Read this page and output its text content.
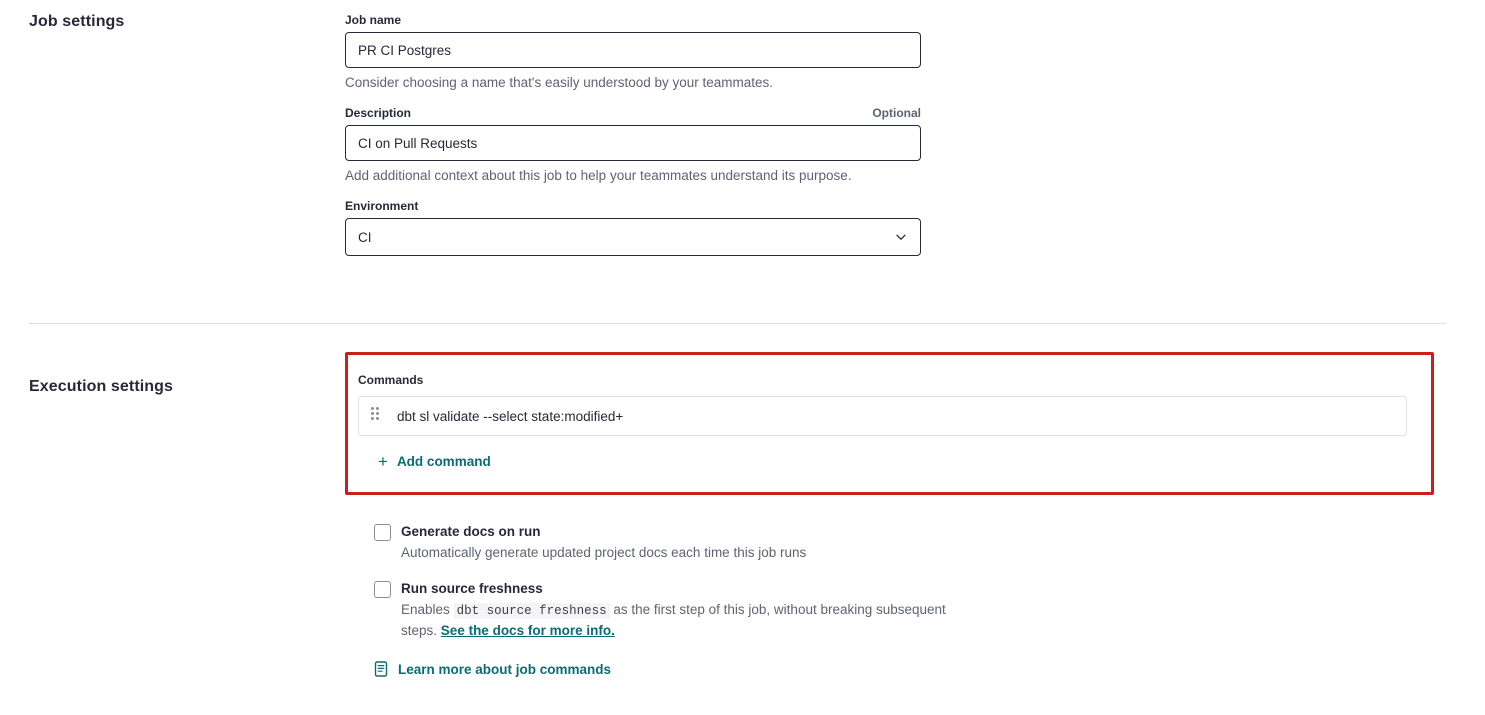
Job settings	Job name
PR CI Postgres
Consider choosing a name that's easily understood by your teammates.
Description	Optional
CI on Pull Requests
Add additional context about this job to help your teammates understand its purpose.
Environment
CI
Execution settings	Commands
dbt sl validate --select state:modified+
+ Add command
Generate docs on run
Automatically generate updated project docs each time this job runs
Run source freshness
Enables dbt source freshness as the first step of this job, without breaking subsequent steps. See the docs for more info.
Learn more about job commands
